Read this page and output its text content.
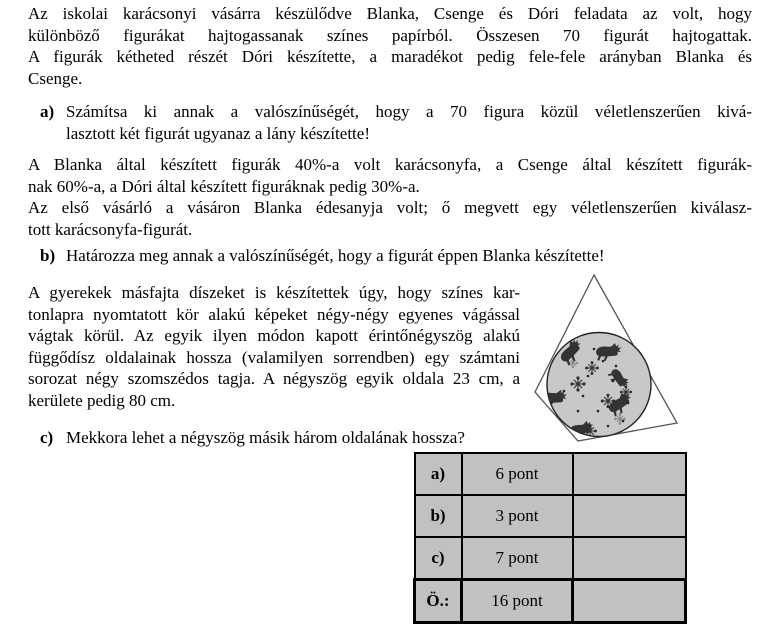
Az iskolai karácsonyi vásárra készülődve Blanka, Csenge és Dóri feladata az volt, hogy
különböző figurákat hajtogassanak színes papírból. Összesen 70 figurát hajtogattak.
A figurák kétheted részét Dóri készítette, a maradékot pedig fele-fele arányban Blanka és
Csenge.
a) Számítsa ki annak a valószínűségét, hogy a 70 figura közül véletlenszerűen kivá-
lasztott két figurát ugyanaz a lány készítette!
A Blanka által készített figurák 40%-a volt karácsonyfa, a Csenge által készített figurák-
nak 60%-a, a Dóri által készített figuráknak pedig 30%-a.
Az első vásárló a vásáron Blanka édesanyja volt; ő megvett egy véletlenszerűen kiválasz-
tott karácsonyfa-figurát.
b) Határozza meg annak a valószínűségét, hogy a figurát éppen Blanka készítette!
A gyerekek másfajta díszeket is készítettek úgy, hogy színes kar-
tonlapra nyomtatott kör alakú képeket négy-négy egyenes vágással
vágtak körül. Az egyik ilyen módon kapott érintőnégyszög alakú
függődísz oldalainak hossza (valamilyen sorrendben) egy számtani
sorozat négy szomszédos tagja. A négyszög egyik oldala 23 cm, a
kerülete pedig 80 cm.
c) Mekkora lehet a négyszög másik három oldalának hossza?
a)	6 pont	
b)	3 pont	
c)	7 pont	
Ö.:	16 pont	
